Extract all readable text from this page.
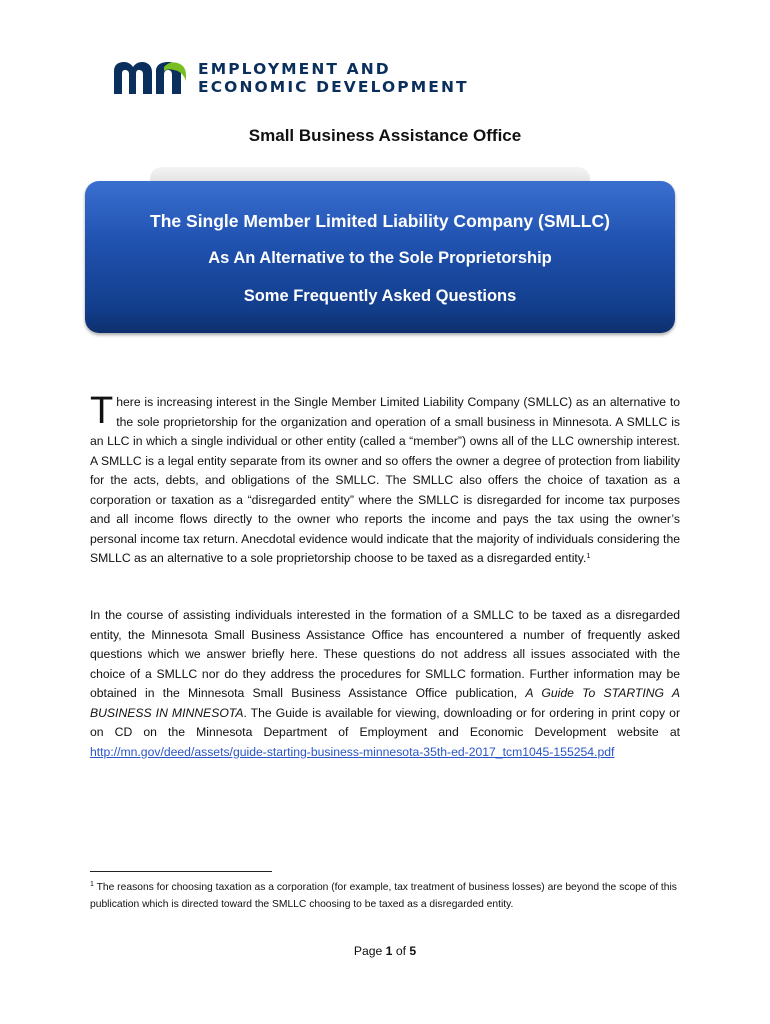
EMPLOYMENT AND
ECONOMIC DEVELOPMENT
Small Business Assistance Office
The Single Member Limited Liability Company (SMLLC)
As An Alternative to the Sole Proprietorship
Some Frequently Asked Questions
There is increasing interest in the Single Member Limited Liability Company (SMLLC) as an alternative to the sole proprietorship for the organization and operation of a small business in Minnesota. A SMLLC is an LLC in which a single individual or other entity (called a “member”) owns all of the LLC ownership interest. A SMLLC is a legal entity separate from its owner and so offers the owner a degree of protection from liability for the acts, debts, and obligations of the SMLLC. The SMLLC also offers the choice of taxation as a corporation or taxation as a “disregarded entity” where the SMLLC is disregarded for income tax purposes and all income flows directly to the owner who reports the income and pays the tax using the owner’s personal income tax return. Anecdotal evidence would indicate that the majority of individuals considering the SMLLC as an alternative to a sole proprietorship choose to be taxed as a disregarded entity.$^1$
In the course of assisting individuals interested in the formation of a SMLLC to be taxed as a disregarded entity, the Minnesota Small Business Assistance Office has encountered a number of frequently asked questions which we answer briefly here. These questions do not address all issues associated with the choice of a SMLLC nor do they address the procedures for SMLLC formation. Further information may be obtained in the Minnesota Small Business Assistance Office publication, A Guide To STARTING A BUSINESS IN MINNESOTA. The Guide is available for viewing, downloading or for ordering in print copy or on CD on the Minnesota Department of Employment and Economic Development website at http://mn.gov/deed/assets/guide-starting-business-minnesota-35th-ed-2017_tcm1045-155254.pdf
$^1$ The reasons for choosing taxation as a corporation (for example, tax treatment of business losses) are beyond the scope of this publication which is directed toward the SMLLC choosing to be taxed as a disregarded entity.
Page 1 of 5
